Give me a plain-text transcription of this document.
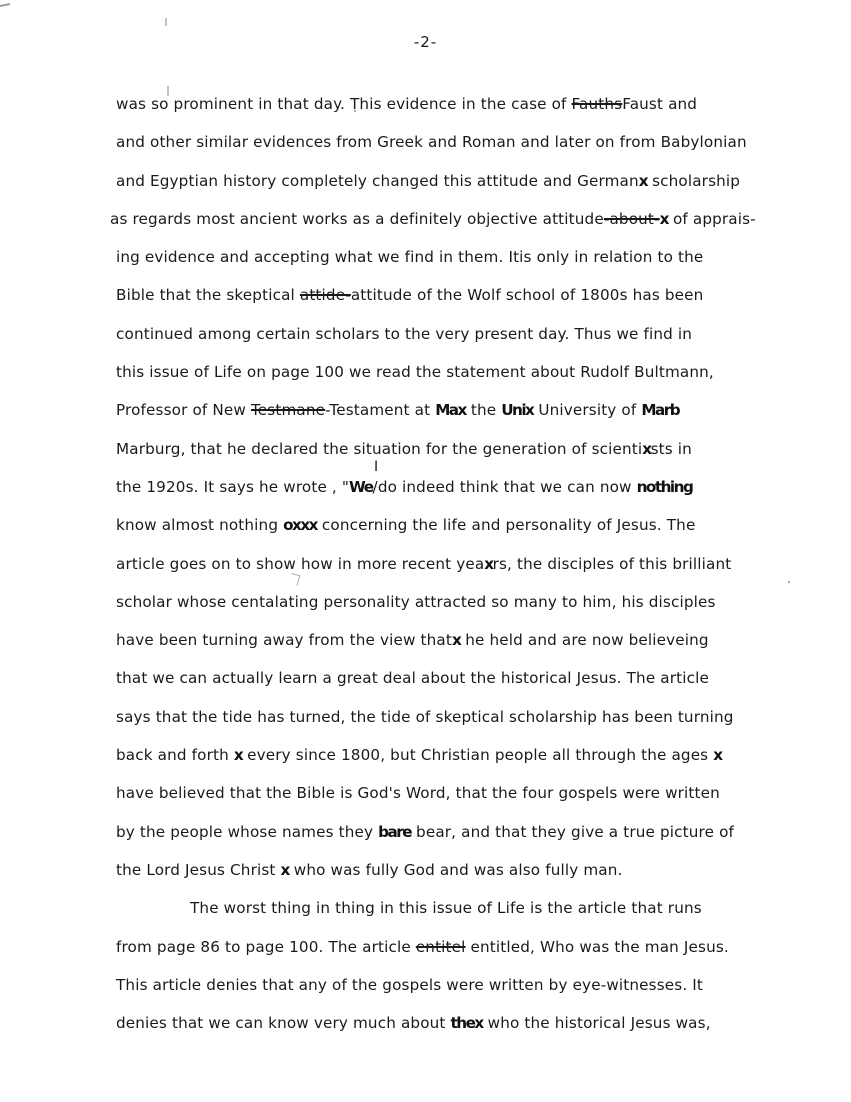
-2-
was so prominent in that day. This evidence in the case of FauthsFaust and
and other similar evidences from Greek and Roman and later on from Babylonian
and Egyptian history completely changed this attitude and Germanx scholarship
as regards most ancient works as a definitely objective attitude-about-x of apprais-
ing evidence and accepting what we find in them. Itis only in relation to the
Bible that the skeptical attide-attitude of the Wolf school of 1800s has been
continued among certain scholars to the very present day. Thus we find in
this issue of Life on page 100 we read the statement about Rudolf Bultmann,
Professor of New Testmane-Testament at Max the Unix University of Marb
Marburg, that he declared the situation for the generation of scientixsts in
I
the 1920s. It says he wrote , "We/do indeed think that we can now nothing
know almost nothing oxxx concerning the life and personality of Jesus. The
article goes on to show how in more recent yeaxrs, the disciples of this brilliant
scholar whose centalating personality attracted so many to him, his disciples
have been turning away from the view thatx he held and are now believeing
that we can actually learn a great deal about the historical Jesus. The article
says that the tide has turned, the tide of skeptical scholarship has been turning
back and forth x every since 1800, but Christian people all through the ages x
have believed that the Bible is God's Word, that the four gospels were written
by the people whose names they bare bear, and that they give a true picture of
the Lord Jesus Christ x who was fully God and was also fully man.
The worst thing in thing in this issue of Life is the article that runs
from page 86 to page 100. The article entitel entitled, Who was the man Jesus.
This article denies that any of the gospels were written by eye-witnesses. It
denies that we can know very much about thex who the historical Jesus was,
